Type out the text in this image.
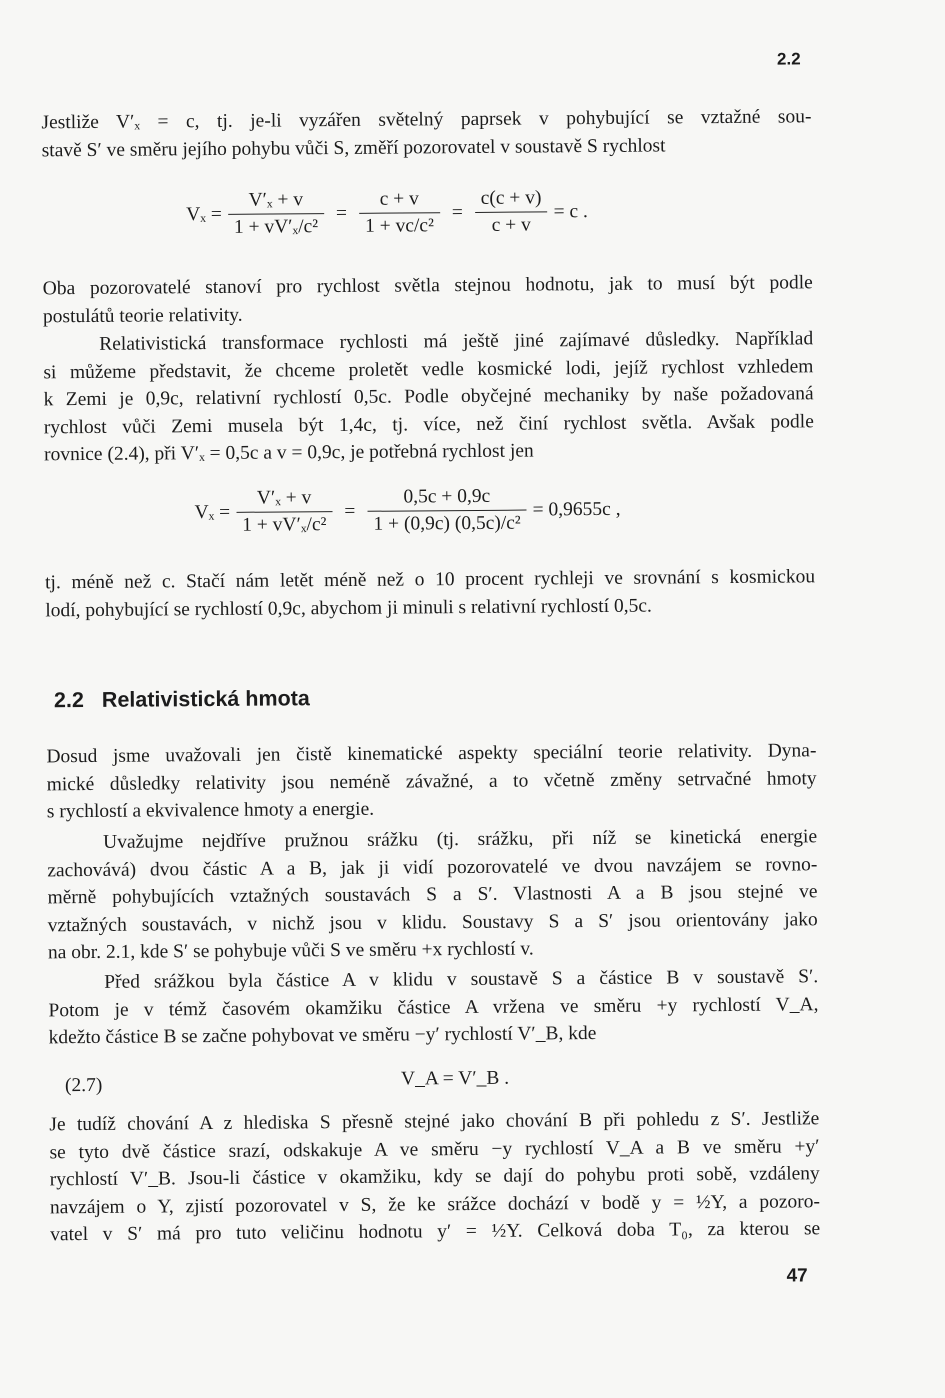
2.2
Jestliže V′ₓ = c, tj. je-li vyzářen světelný paprsek v pohybující se vztažné sou-
stavě S′ ve směru jejího pohybu vůči S, změří pozorovatel v soustavě S rychlost
$V_x = \frac{\text{V′ₓ + v}}{\text{1 + vV′ₓ/c²}} = \frac{c + v}{\text{1 + vc/c²}} = \frac{c(c + v)}{c + v} = c$ .
Oba pozorovatelé stanoví pro rychlost světla stejnou hodnotu, jak to musí být podle
postulátů teorie relativity.
Relativistická transformace rychlosti má ještě jiné zajímavé důsledky. Například
si můžeme představit, že chceme proletět vedle kosmické lodi, jejíž rychlost vzhledem
k Zemi je 0,9c, relativní rychlostí 0,5c. Podle obyčejné mechaniky by naše požadovaná
rychlost vůči Zemi musela být 1,4c, tj. více, než činí rychlost světla. Avšak podle
rovnice (2.4), při V′ₓ = 0,5c a v = 0,9c, je potřebná rychlost jen
$V_x = \frac{\text{V′ₓ + v}}{\text{1 + vV′ₓ/c²}} = \frac{0,5c + 0,9c}{\text{1 + (0,9c) (0,5c)/c²}} = 0,9655c$ ,
tj. méně než c. Stačí nám letět méně než o 10 procent rychleji ve srovnání s kosmickou
lodí, pohybující se rychlostí 0,9c, abychom ji minuli s relativní rychlostí 0,5c.
2.2 Relativistická hmota
Dosud jsme uvažovali jen čistě kinematické aspekty speciální teorie relativity. Dyna-
mické důsledky relativity jsou neméně závažné, a to včetně změny setrvačné hmoty
s rychlostí a ekvivalence hmoty a energie.
Uvažujme nejdříve pružnou srážku (tj. srážku, při níž se kinetická energie
zachovává) dvou částic A a B, jak ji vidí pozorovatelé ve dvou navzájem se rovno-
měrně pohybujících vztažných soustavách S a S′. Vlastnosti A a B jsou stejné ve
vztažných soustavách, v nichž jsou v klidu. Soustavy S a S′ jsou orientovány jako
na obr. 2.1, kde S′ se pohybuje vůči S ve směru +x rychlostí v.
Před srážkou byla částice A v klidu v soustavě S a částice B v soustavě S′.
Potom je v témž časovém okamžiku částice A vržena ve směru +y rychlostí V_A,
kdežto částice B se začne pohybovat ve směru −y′ rychlostí V′_B, kde
(2.7)	V_A = V′_B .
Je tudíž chování A z hlediska S přesně stejné jako chování B při pohledu z S′. Jestliže
se tyto dvě částice srazí, odskakuje A ve směru −y rychlostí V_A a B ve směru +y′
rychlostí V′_B. Jsou-li částice v okamžiku, kdy se dají do pohybu proti sobě, vzdáleny
navzájem o Y, zjistí pozorovatel v S, že ke srážce dochází v bodě y = ½Y, a pozoro-
vatel v S′ má pro tuto veličinu hodnotu y′ = ½Y. Celková doba T₀, za kterou se
47
